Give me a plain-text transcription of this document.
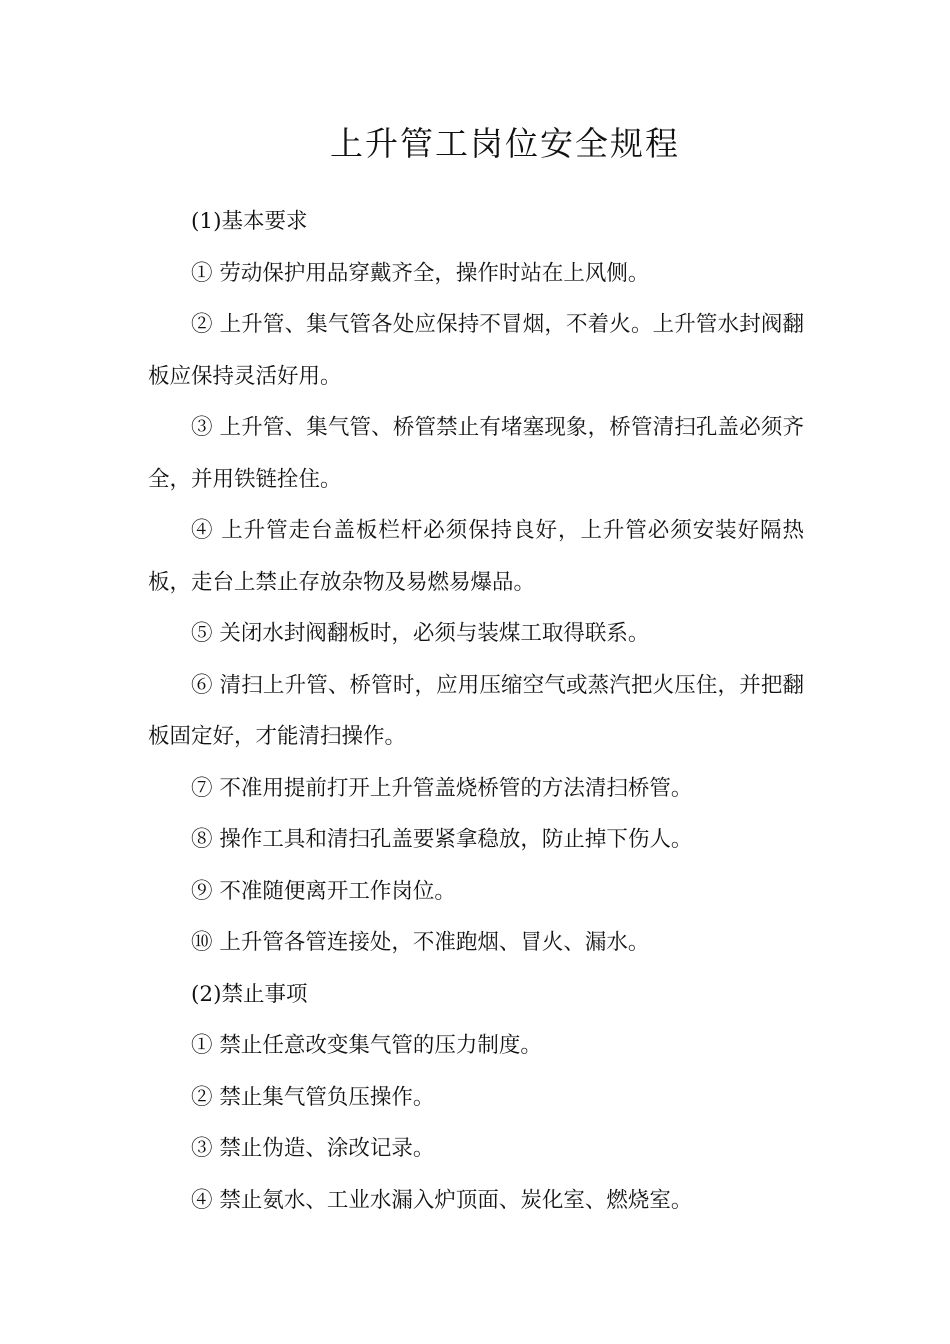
上升管工岗位安全规程

(1)基本要求

① 劳动保护用品穿戴齐全，操作时站在上风侧。

② 上升管、集气管各处应保持不冒烟，不着火。上升管水封阀翻板应保持灵活好用。

③ 上升管、集气管、桥管禁止有堵塞现象，桥管清扫孔盖必须齐全，并用铁链拴住。

④ 上升管走台盖板栏杆必须保持良好，上升管必须安装好隔热板，走台上禁止存放杂物及易燃易爆品。

⑤ 关闭水封阀翻板时，必须与装煤工取得联系。

⑥ 清扫上升管、桥管时，应用压缩空气或蒸汽把火压住，并把翻板固定好，才能清扫操作。

⑦ 不准用提前打开上升管盖烧桥管的方法清扫桥管。

⑧ 操作工具和清扫孔盖要紧拿稳放，防止掉下伤人。

⑨ 不准随便离开工作岗位。

⑩ 上升管各管连接处，不准跑烟、冒火、漏水。

(2)禁止事项

① 禁止任意改变集气管的压力制度。

② 禁止集气管负压操作。

③ 禁止伪造、涂改记录。

④ 禁止氨水、工业水漏入炉顶面、炭化室、燃烧室。
